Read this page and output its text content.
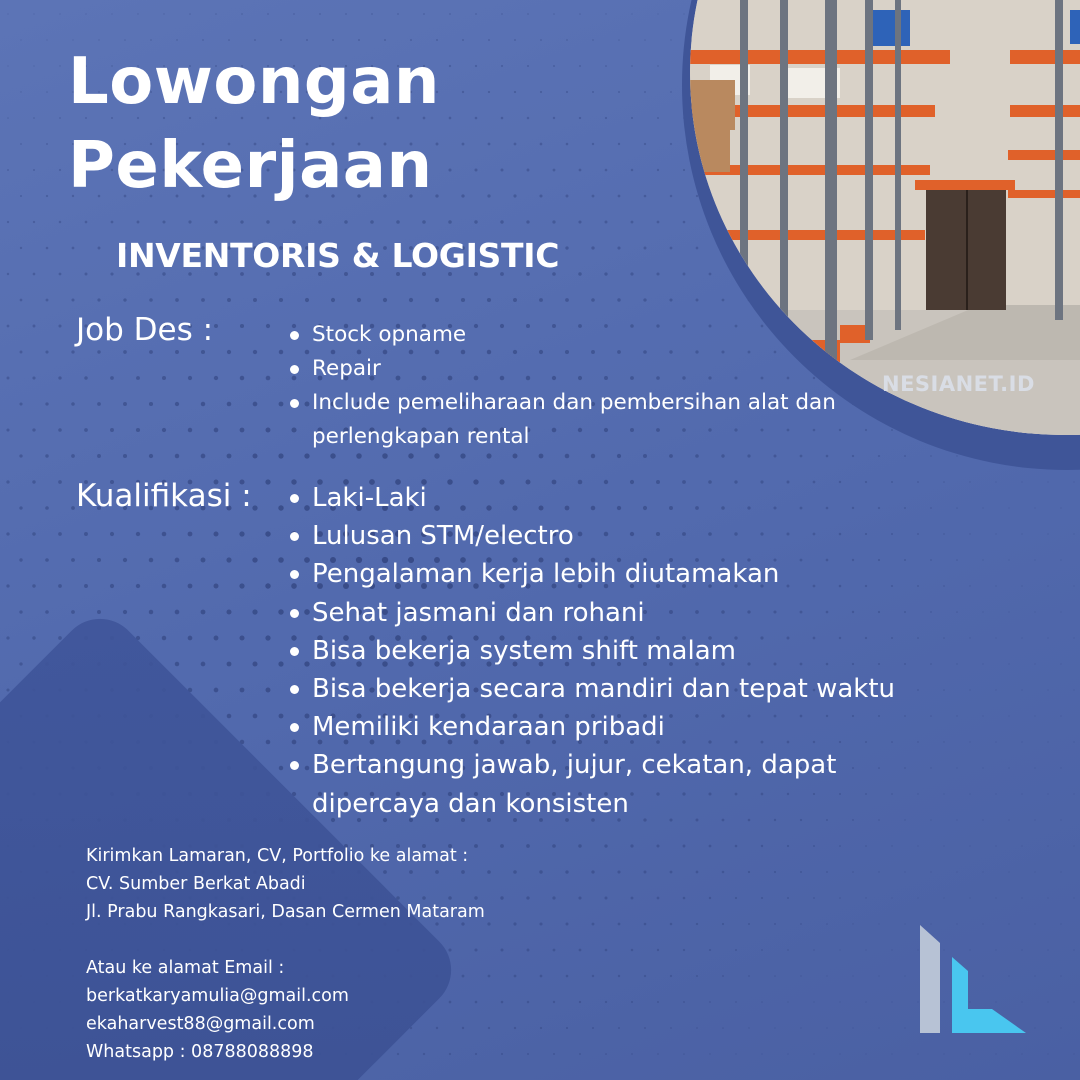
NESIANET.ID
Lowongan
Pekerjaan
INVENTORIS & LOGISTIC
Job Des :	Stock opname
Repair
Include pemeliharaan dan pembersihan alat dan perlengkapan rental
Kualifikasi : Laki-Laki
Lulusan STM/electro
Pengalaman kerja lebih diutamakan
Sehat jasmani dan rohani
Bisa bekerja system shift malam
Bisa bekerja secara mandiri dan tepat waktu
Memiliki kendaraan pribadi
Bertangung jawab, jujur, cekatan, dapat dipercaya dan konsisten
Kirimkan Lamaran, CV, Portfolio ke alamat :
CV. Sumber Berkat Abadi
Jl. Prabu Rangkasari, Dasan Cermen Mataram
Atau ke alamat Email :
berkatkaryamulia@gmail.com
ekaharvest88@gmail.com
Whatsapp : 08788088898
